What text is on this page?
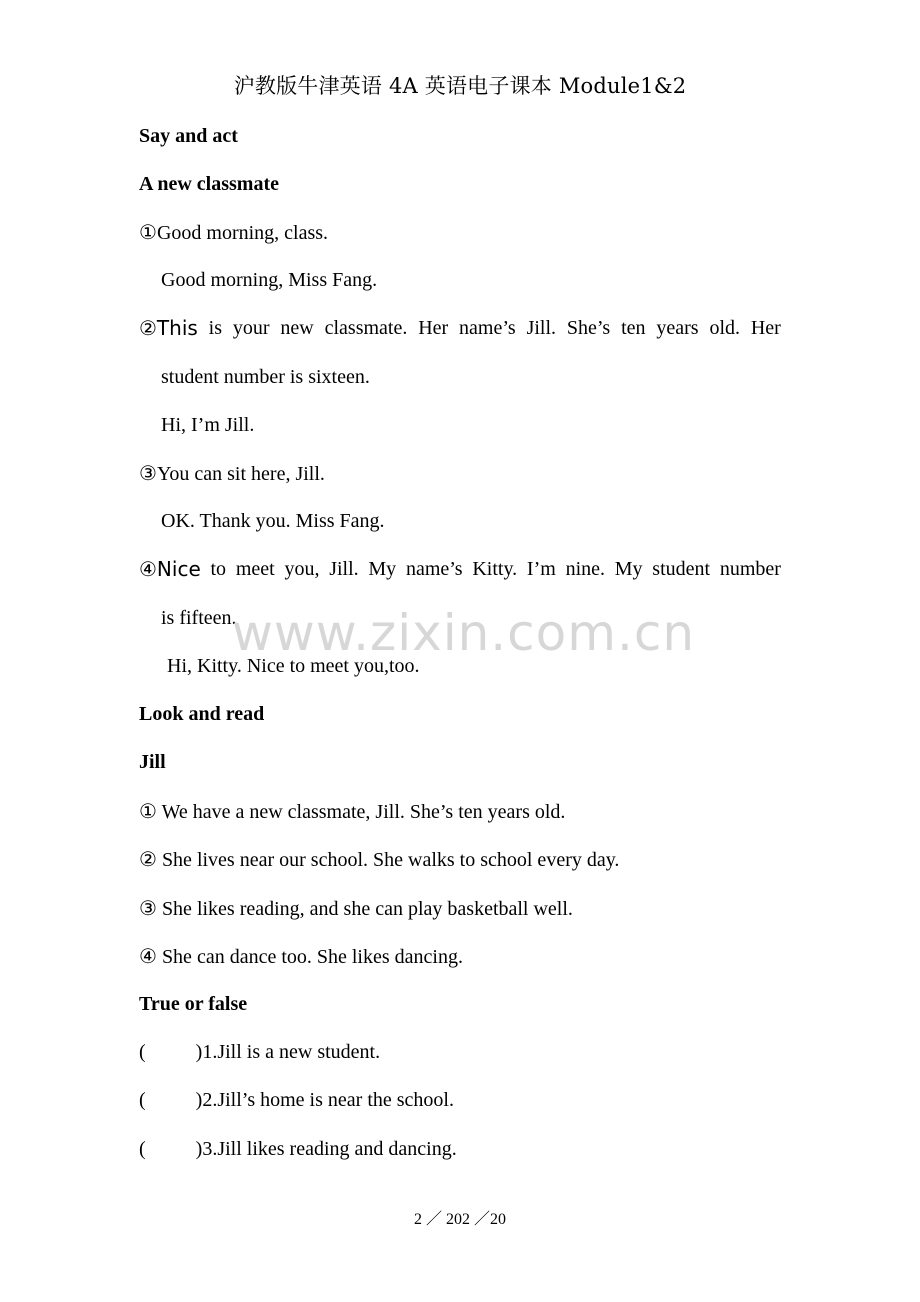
沪教版牛津英语 4A 英语电子课本 Module1&2
Say and act
A new classmate
①Good morning, class.
Good morning, Miss Fang.
②This is your new classmate. Her name’s Jill. She’s ten years old. Her
student number is sixteen.
Hi, I’m Jill.
③You can sit here, Jill.
OK. Thank you. Miss Fang.
④Nice to meet you, Jill. My name’s Kitty. I’m nine. My student number
is fifteen.
Hi, Kitty. Nice to meet you,too.
Look and read
Jill
① We have a new classmate, Jill. She’s ten years old.
② She lives near our school. She walks to school every day.
③ She likes reading, and she can play basketball well.
④ She can dance too. She likes dancing.
True or false
(	)1.Jill is a new student.
(	)2.Jill’s home is near the school.
(	)3.Jill likes reading and dancing.
www.zixin.com.cn
2 ／ 202 ／20
